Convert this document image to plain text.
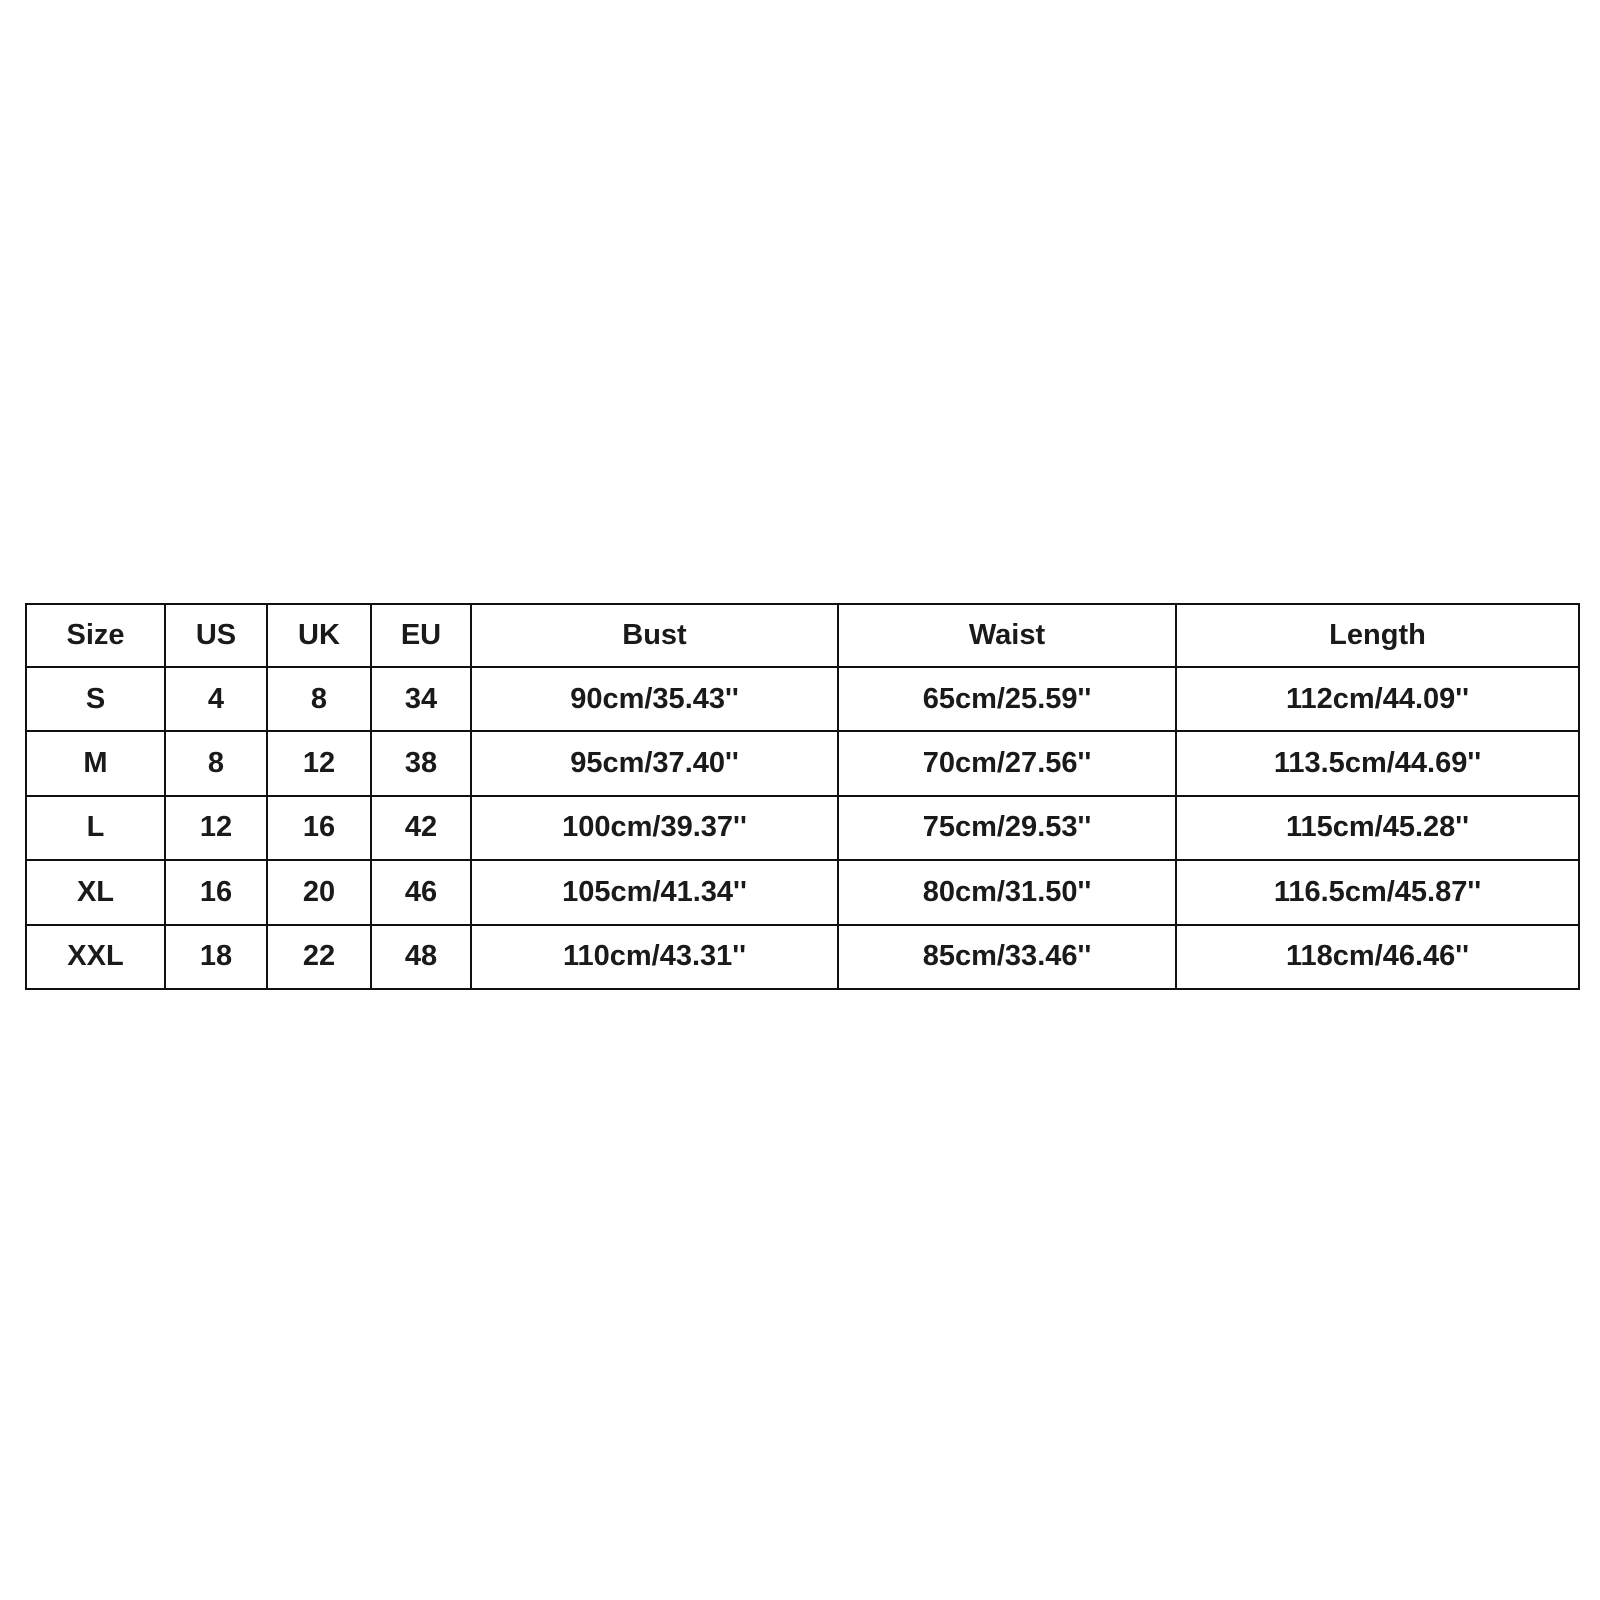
Size	US	UK	EU	Bust	Waist	Length
S	4	8	34	90cm/35.43''	65cm/25.59''	112cm/44.09''
M	8	12	38	95cm/37.40''	70cm/27.56''	113.5cm/44.69''
L	12	16	42	100cm/39.37''	75cm/29.53''	115cm/45.28''
XL	16	20	46	105cm/41.34''	80cm/31.50''	116.5cm/45.87''
XXL	18	22	48	110cm/43.31''	85cm/33.46''	118cm/46.46''
